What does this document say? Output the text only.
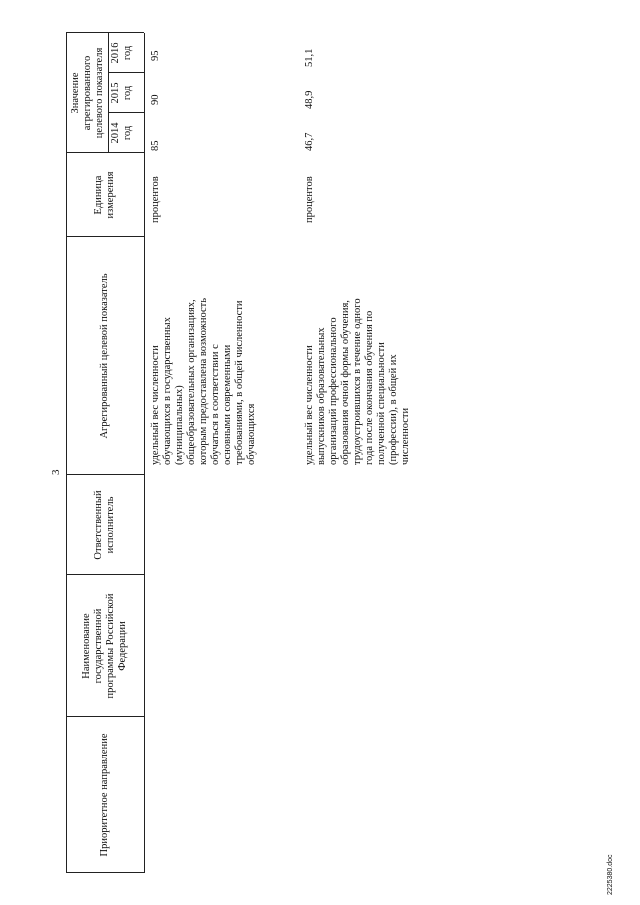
3
Приоритетное направление
Наименование
государственной
программы Российской
Федерации
Ответственный
исполнитель
Агрегированный целевой показатель
Единица
измерения
Значение
агрегированного
целевого показателя
2014 год
2015 год
2016 год
удельный вес численности
обучающихся в государственных
(муниципальных)
общеобразовательных организациях,
которым предоставлена возможность
обучаться в соответствии с
основными современными
требованиями, в общей численности
обучающихся
процентов
85
90
95
удельный вес численности
выпускников образовательных
организаций профессионального
образования очной формы обучения,
трудоустроившихся в течение одного
года после окончания обучения по
полученной специальности
(профессии), в общей их
численности
процентов
46,7
48,9
51,1
2225380.doc
